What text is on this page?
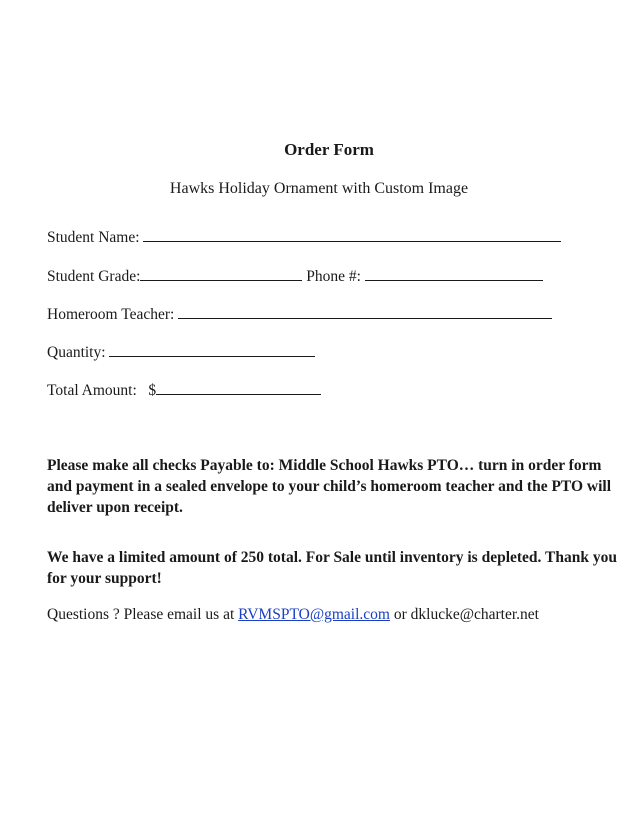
Order Form

Hawks Holiday Ornament with Custom Image

Student Name:

Student Grade:	Phone #:

Homeroom Teacher:

Quantity:

Total Amount: $

Please make all checks Payable to: Middle School Hawks PTO… turn in order form and payment in a sealed envelope to your child’s homeroom teacher and the PTO will deliver upon receipt.

We have a limited amount of 250 total. For Sale until inventory is depleted. Thank you for your support!

Questions ? Please email us at RVMSPTO@gmail.com or dklucke@charter.net
